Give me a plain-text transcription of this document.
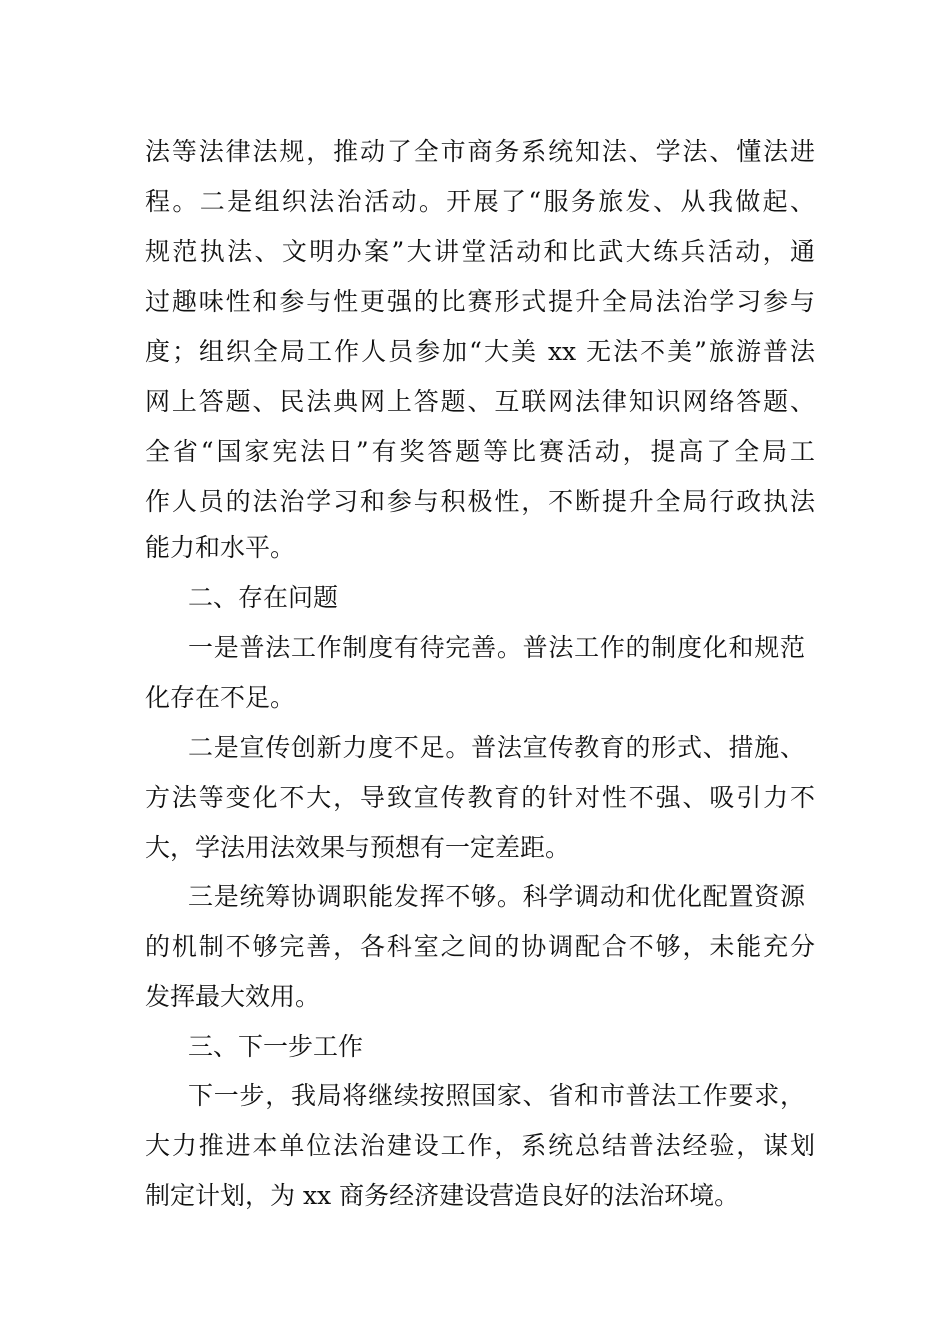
法等法律法规，推动了全市商务系统知法、学法、懂法进
程。二是组织法治活动。开展了“服务旅发、从我做起、
规范执法、文明办案”大讲堂活动和比武大练兵活动，通
过趣味性和参与性更强的比赛形式提升全局法治学习参与
度；组织全局工作人员参加“大美 xx 无法不美”旅游普法
网上答题、民法典网上答题、互联网法律知识网络答题、
全省“国家宪法日”有奖答题等比赛活动，提高了全局工
作人员的法治学习和参与积极性，不断提升全局行政执法
能力和水平。
二、存在问题
一是普法工作制度有待完善。普法工作的制度化和规范
化存在不足。
二是宣传创新力度不足。普法宣传教育的形式、措施、
方法等变化不大，导致宣传教育的针对性不强、吸引力不
大，学法用法效果与预想有一定差距。
三是统筹协调职能发挥不够。科学调动和优化配置资源
的机制不够完善，各科室之间的协调配合不够，未能充分
发挥最大效用。
三、下一步工作
下一步，我局将继续按照国家、省和市普法工作要求，
大力推进本单位法治建设工作，系统总结普法经验，谋划
制定计划，为 xx 商务经济建设营造良好的法治环境。
